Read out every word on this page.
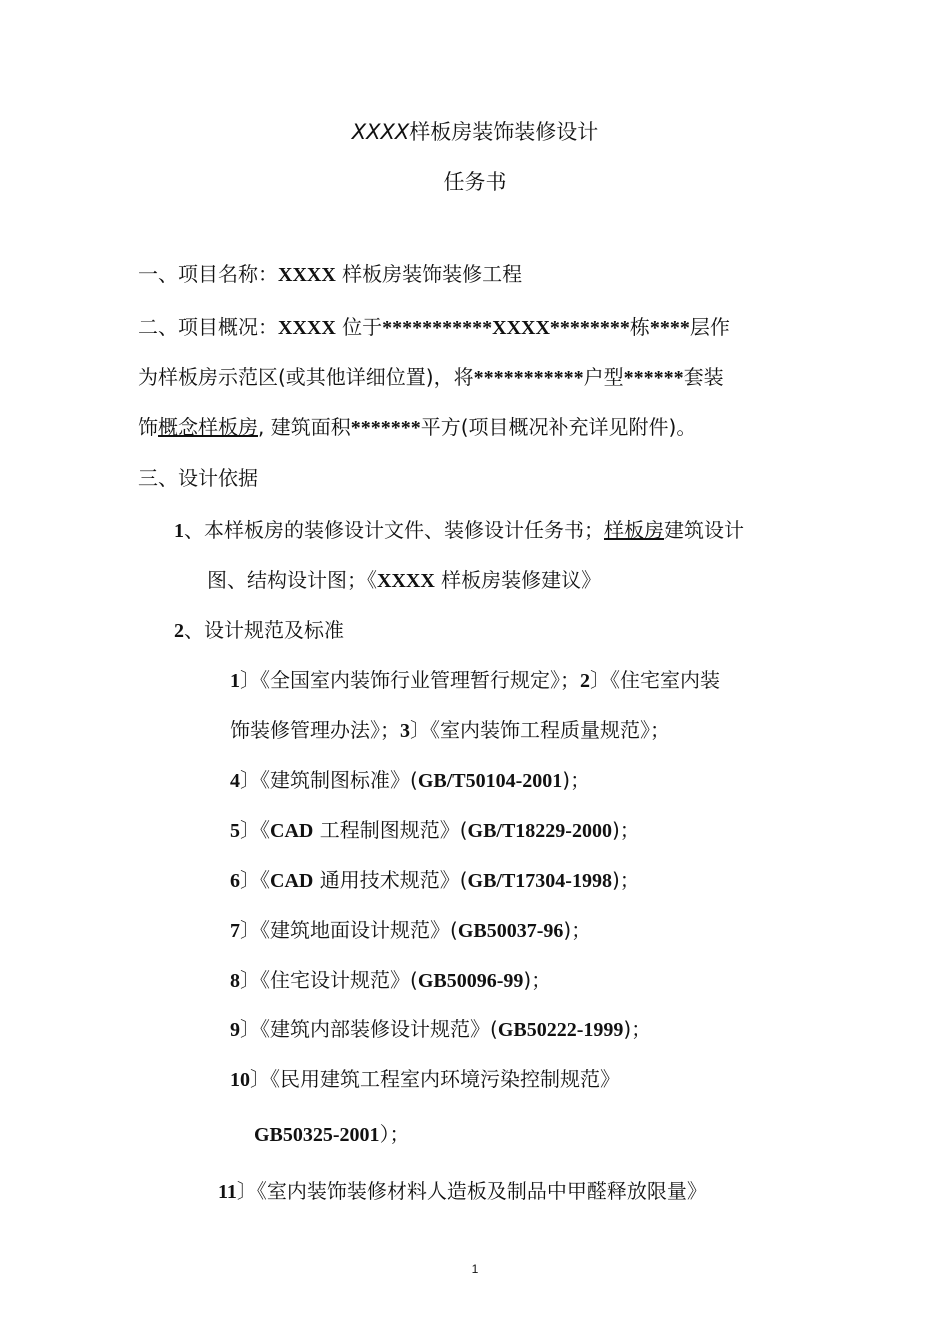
XXXX样板房装饰装修设计
任务书
一、项目名称：XXXX 样板房装饰装修工程
二、项目概况：XXXX 位于***********XXXX********栋****层作
为样板房示范区(或其他详细位置)，将***********户型******套装
饰概念样板房, 建筑面积*******平方(项目概况补充详见附件)。
三、设计依据
1、本样板房的装修设计文件、装修设计任务书；样板房建筑设计
图、结构设计图；《XXXX 样板房装修建议》
2、设计规范及标准
1〕《全国室内装饰行业管理暂行规定》；2〕《住宅室内装
饰装修管理办法》；3〕《室内装饰工程质量规范》；
4〕《建筑制图标准》(GB/T50104-2001)；
5〕《CAD 工程制图规范》(GB/T18229-2000)；
6〕《CAD 通用技术规范》(GB/T17304-1998)；
7〕《建筑地面设计规范》(GB50037-96)；
8〕《住宅设计规范》(GB50096-99)；
9〕《建筑内部装修设计规范》(GB50222-1999)；
10〕《民用建筑工程室内环境污染控制规范》
GB50325-2001）；
11〕《室内装饰装修材料人造板及制品中甲醛释放限量》
1
